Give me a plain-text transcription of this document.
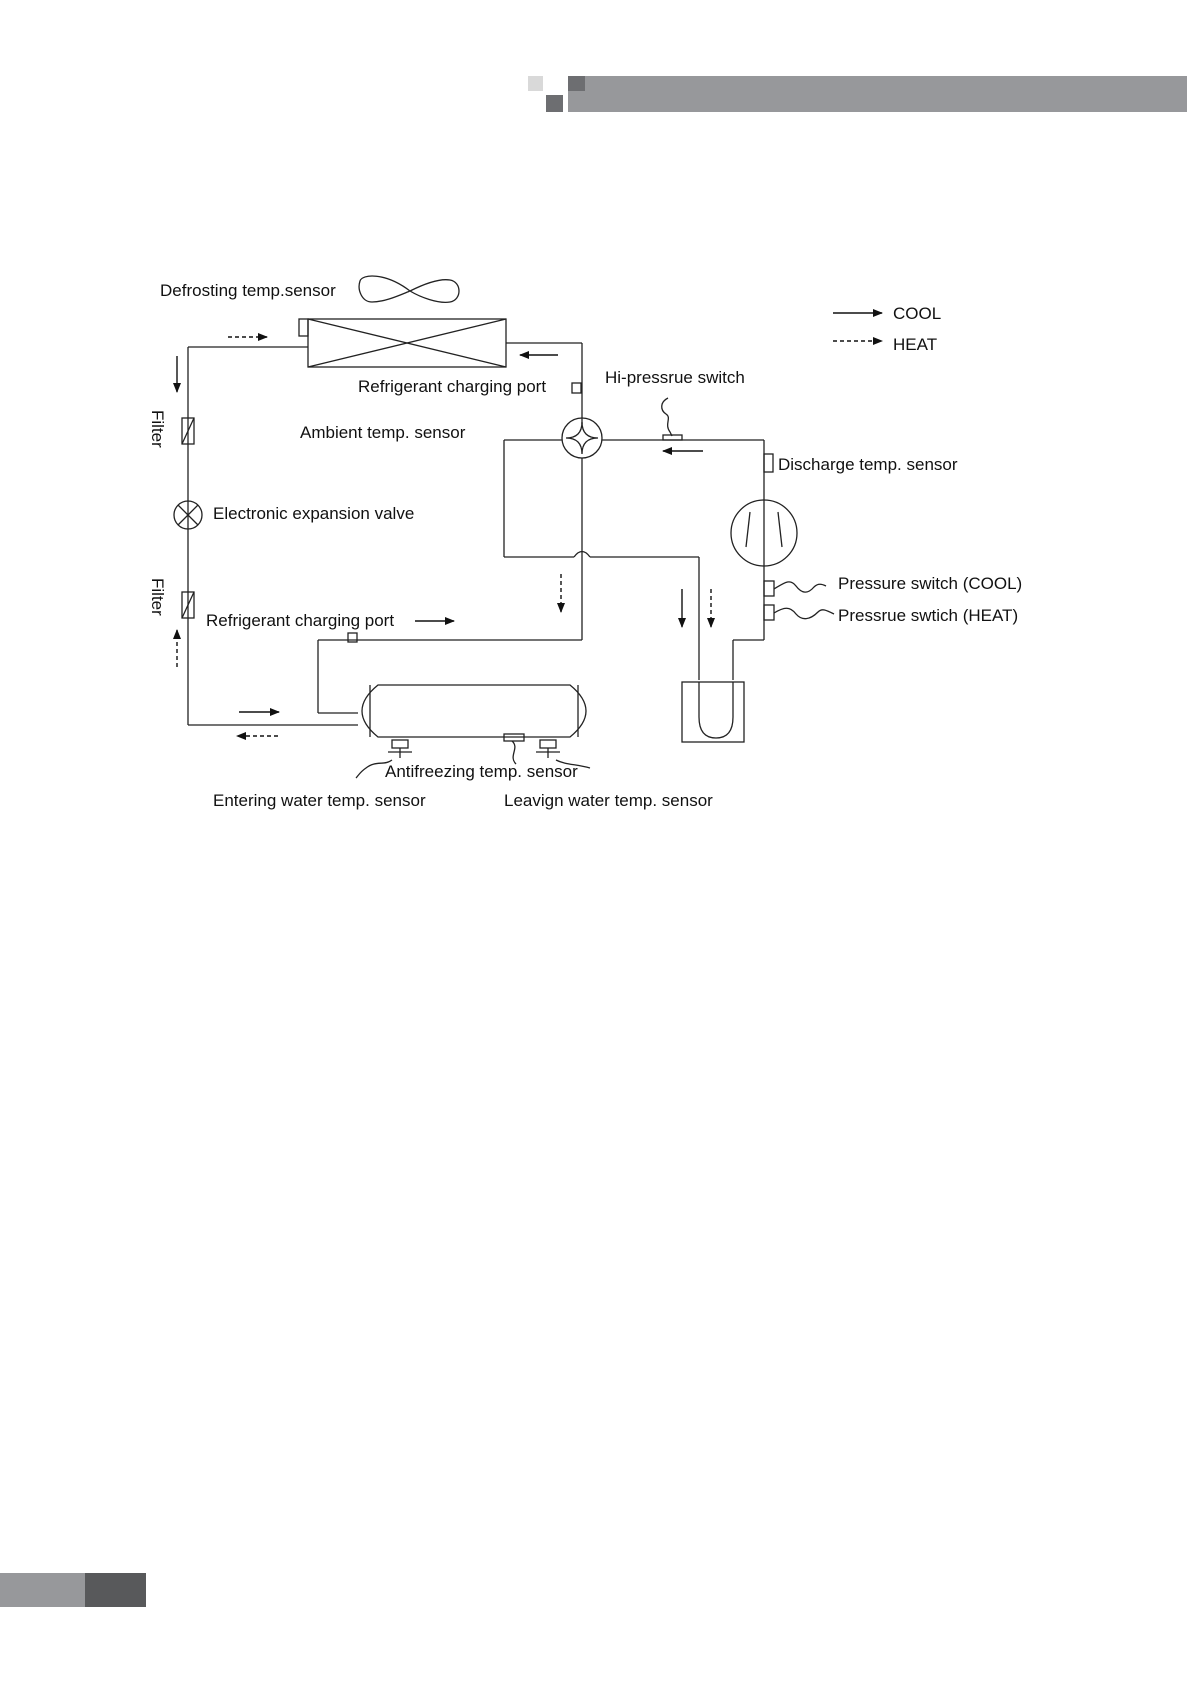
Defrosting temp.sensor
COOL
HEAT
Refrigerant charging port	Hi-pressrue switch
Ambient temp. sensor
Discharge temp. sensor
Filter
Electronic expansion valve
Filter	Pressure switch (COOL)
Pressrue swtich (HEAT)
Refrigerant charging port
Antifreezing temp. sensor
Entering water temp. sensor	Leavign water temp. sensor
